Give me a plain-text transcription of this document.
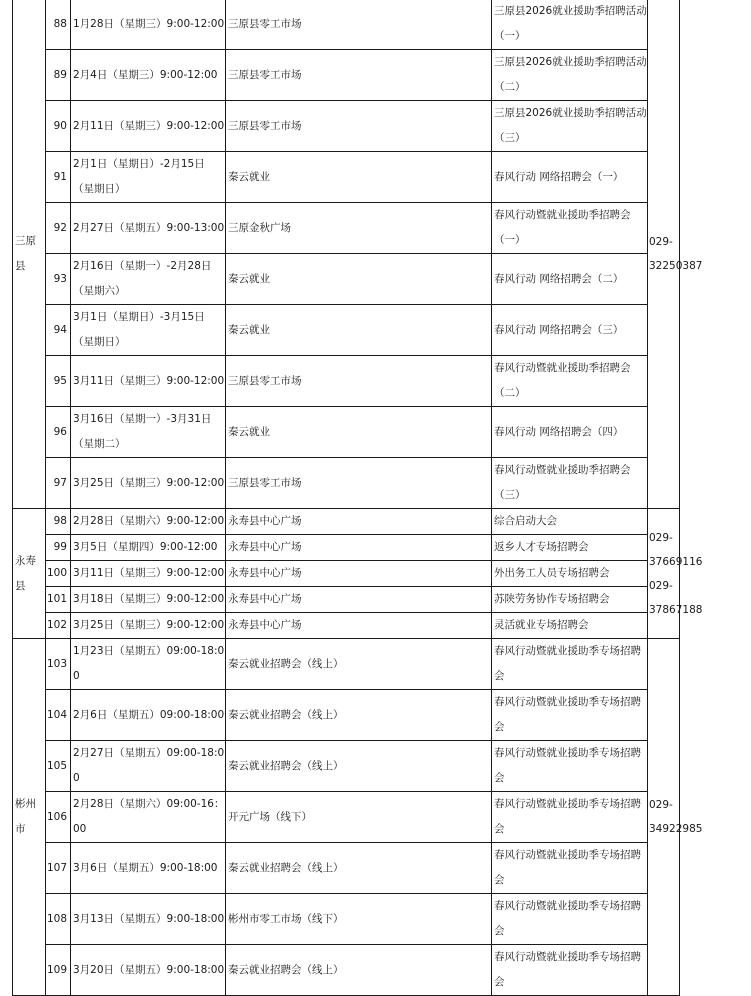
三原县	88	1月28日（星期三）9:00-12:00	三原县零工市场	三原县2026就业援助季招聘活动（一）	029-32250387

	89	2月4日（星期三）9:00-12:00	三原县零工市场	三原县2026就业援助季招聘活动（二）	
	90	2月11日（星期三）9:00-12:00	三原县零工市场	三原县2026就业援助季招聘活动（三）	
	91	2月1日（星期日）-2月15日（星期日）	秦云就业	春风行动 网络招聘会（一）	
	92	2月27日（星期五）9:00-13:00	三原金秋广场	春风行动暨就业援助季招聘会（一）	
	93	2月16日（星期一）-2月28日（星期六）	秦云就业	春风行动 网络招聘会（二）	
	94	3月1日（星期日）-3月15日（星期日）	秦云就业	春风行动 网络招聘会（三）	
	95	3月11日（星期三）9:00-12:00	三原县零工市场	春风行动暨就业援助季招聘会（二）	
	96	3月16日（星期一）-3月31日（星期二）	秦云就业	春风行动 网络招聘会（四）	
	97	3月25日（星期三）9:00-12:00	三原县零工市场	春风行动暨就业援助季招聘会（三）	
永寿县	98	2月28日（星期六）9:00-12:00	永寿县中心广场	综合启动大会	029-37669116
029-37867188

	99	3月5日（星期四）9:00-12:00	永寿县中心广场	返乡人才专场招聘会	
	100	3月11日（星期三）9:00-12:00	永寿县中心广场	外出务工人员专场招聘会	
	101	3月18日（星期三）9:00-12:00	永寿县中心广场	苏陕劳务协作专场招聘会	
	102	3月25日（星期三）9:00-12:00	永寿县中心广场	灵活就业专场招聘会	
彬州市	103	1月23日（星期五）09:00-18:00	秦云就业招聘会（线上）	春风行动暨就业援助季专场招聘会	029-34922985

	104	2月6日（星期五）09:00-18:00	秦云就业招聘会（线上）	春风行动暨就业援助季专场招聘会	
	105	2月27日（星期五）09:00-18:00	秦云就业招聘会（线上）	春风行动暨就业援助季专场招聘会	
	106	2月28日（星期六）09:00-16：00	开元广场（线下）	春风行动暨就业援助季专场招聘会	
	107	3月6日（星期五）9:00-18:00	秦云就业招聘会（线上）	春风行动暨就业援助季专场招聘会	
	108	3月13日（星期五）9:00-18:00	彬州市零工市场（线下）	春风行动暨就业援助季专场招聘会	
	109	3月20日（星期五）9:00-18:00	秦云就业招聘会（线上）	春风行动暨就业援助季专场招聘会	
